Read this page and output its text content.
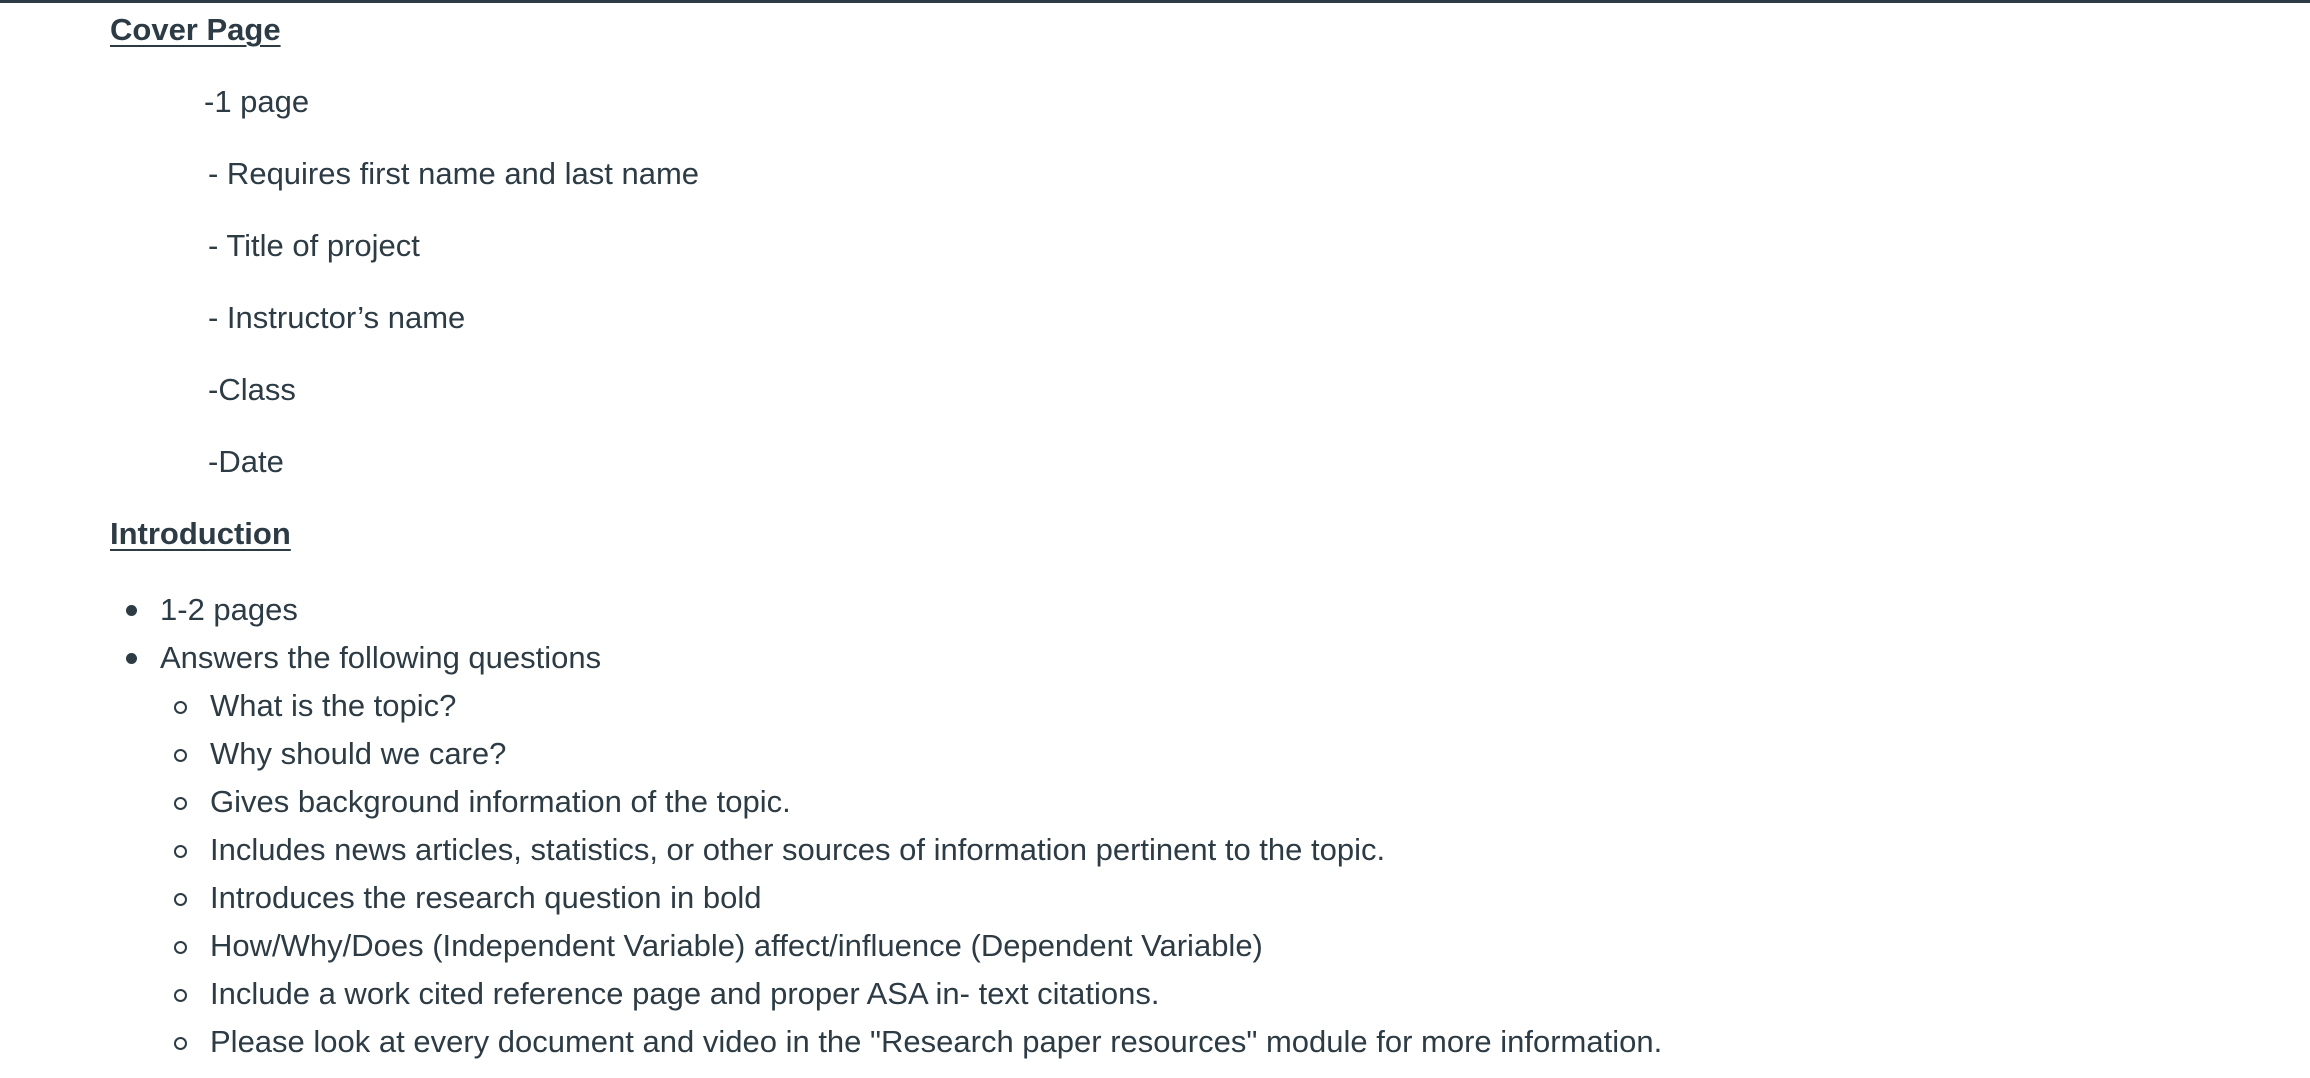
Cover Page

-1 page

- Requires first name and last name

- Title of project

- Instructor’s name

-Class

-Date

Introduction
1-2 pages
Answers the following questions
What is the topic?
Why should we care?
Gives background information of the topic.
Includes news articles, statistics, or other sources of information pertinent to the topic.
Introduces the research question in bold
How/Why/Does (Independent Variable) affect/influence (Dependent Variable)
Include a work cited reference page and proper ASA in- text citations.
Please look at every document and video in the "Research paper resources" module for more information.
